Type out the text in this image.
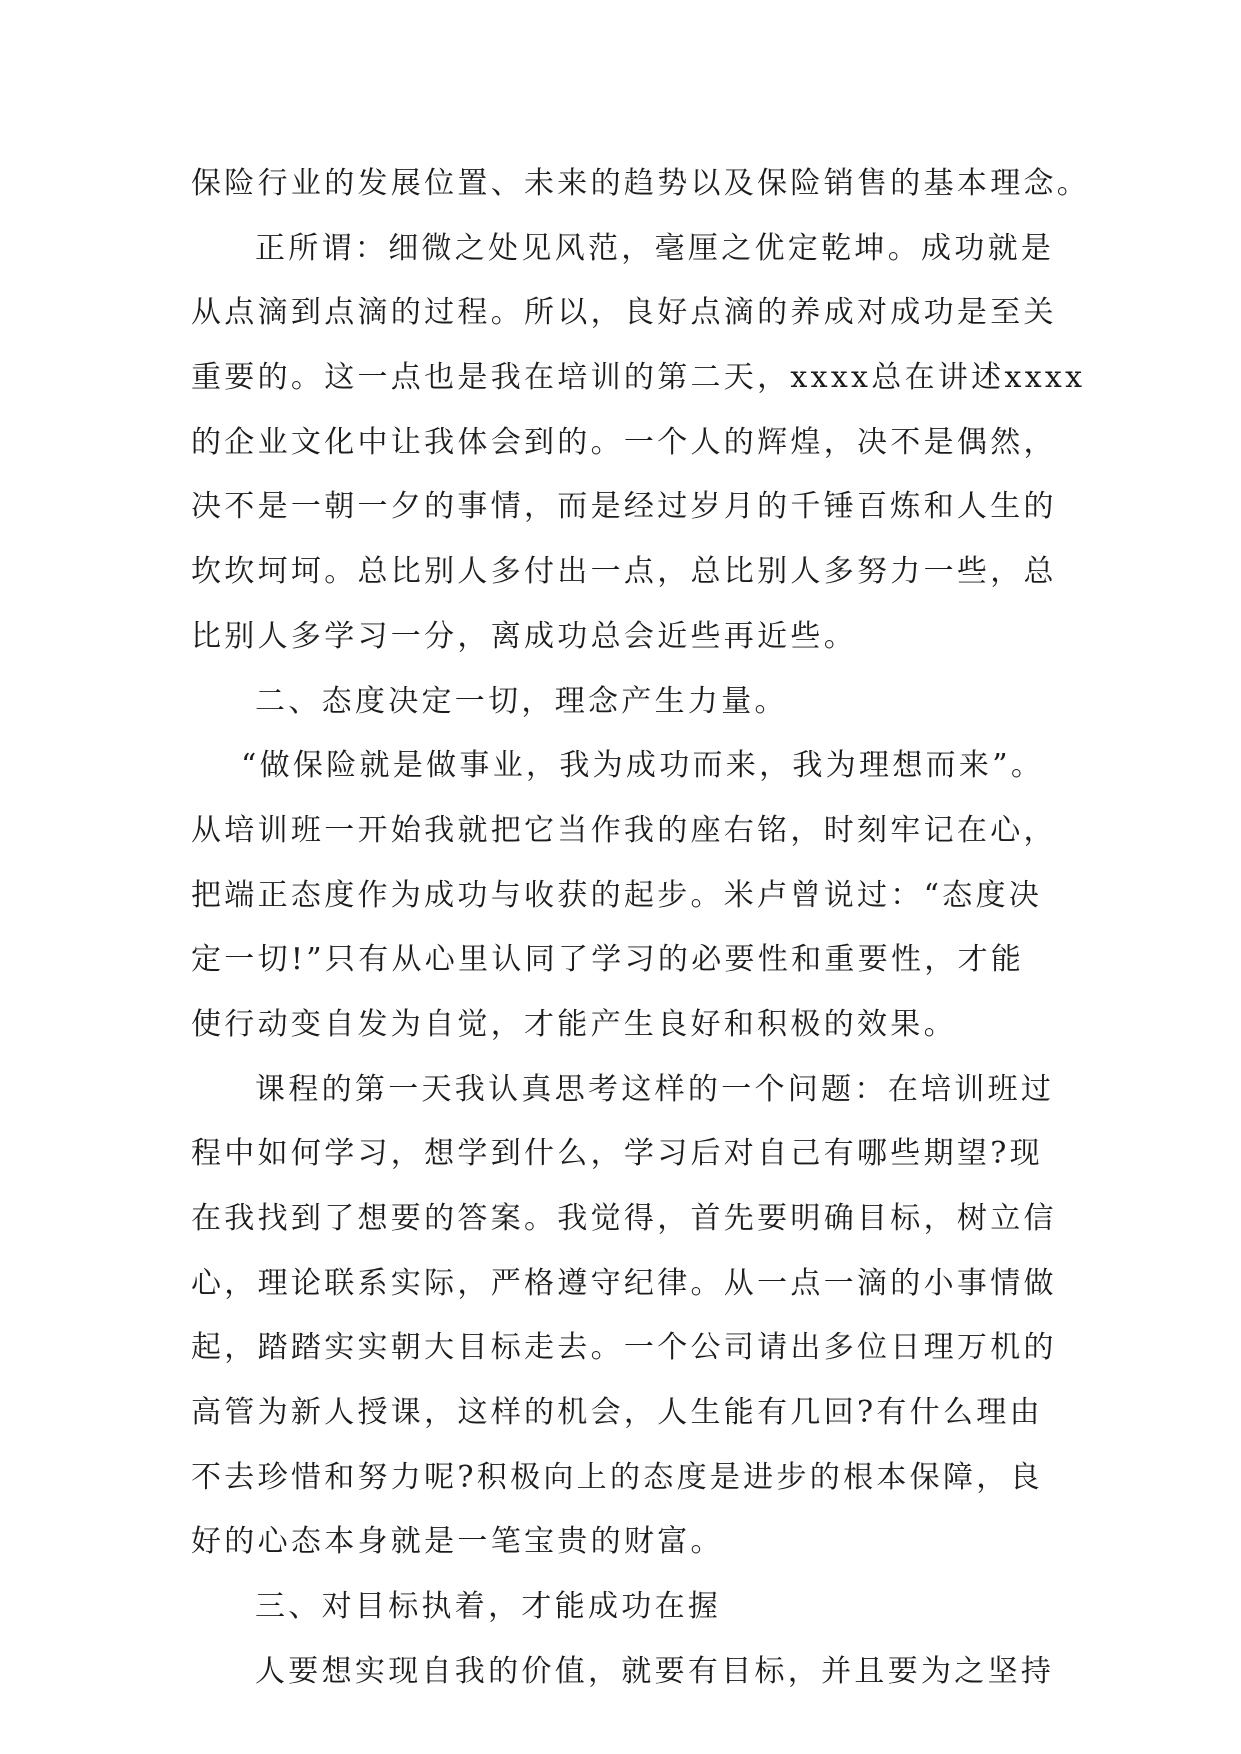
保险行业的发展位置、未来的趋势以及保险销售的基本理念。
正所谓：细微之处见风范，毫厘之优定乾坤。成功就是
从点滴到点滴的过程。所以，良好点滴的养成对成功是至关
重要的。这一点也是我在培训的第二天，xxxx总在讲述xxxx
的企业文化中让我体会到的。一个人的辉煌，决不是偶然，
决不是一朝一夕的事情，而是经过岁月的千锤百炼和人生的
坎坎坷坷。总比别人多付出一点，总比别人多努力一些，总
比别人多学习一分，离成功总会近些再近些。
二、态度决定一切，理念产生力量。
“做保险就是做事业，我为成功而来，我为理想而来”。
从培训班一开始我就把它当作我的座右铭，时刻牢记在心，
把端正态度作为成功与收获的起步。米卢曾说过：“态度决
定一切!”只有从心里认同了学习的必要性和重要性，才能
使行动变自发为自觉，才能产生良好和积极的效果。
课程的第一天我认真思考这样的一个问题：在培训班过
程中如何学习，想学到什么，学习后对自己有哪些期望?现
在我找到了想要的答案。我觉得，首先要明确目标，树立信
心，理论联系实际，严格遵守纪律。从一点一滴的小事情做
起，踏踏实实朝大目标走去。一个公司请出多位日理万机的
高管为新人授课，这样的机会，人生能有几回?有什么理由
不去珍惜和努力呢?积极向上的态度是进步的根本保障，良
好的心态本身就是一笔宝贵的财富。
三、对目标执着，才能成功在握
人要想实现自我的价值，就要有目标，并且要为之坚持
